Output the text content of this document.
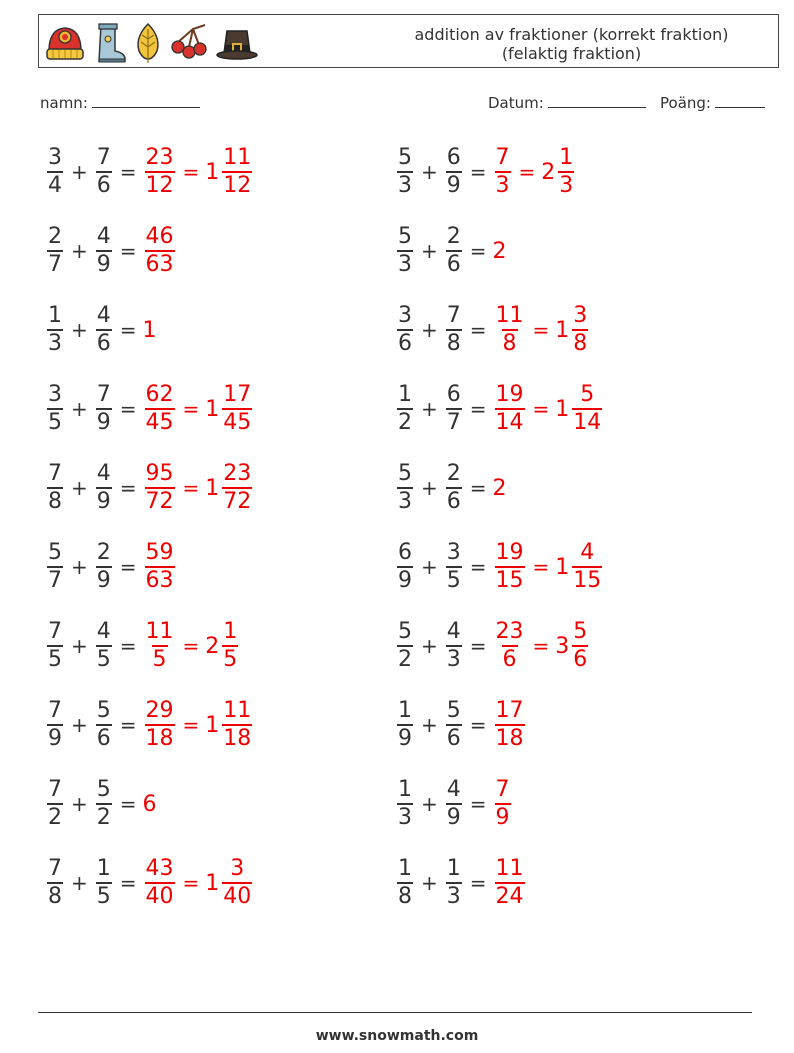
addition av fraktioner (korrekt fraktion)
(felaktig fraktion)
namn:	Datum:	Poäng:
$\frac{3}{4} + \frac{7}{6} = \frac{23}{12} = 1 \frac{11}{12}$	$\frac{5}{3} + \frac{6}{9} = \frac{7}{3} = 2 \frac{1}{3}$
$\frac{2}{7} + \frac{4}{9} = \frac{46}{63}$	$\frac{5}{3} + \frac{2}{6} = 2$
$\frac{1}{3} + \frac{4}{6} = 1$	$\frac{3}{6} + \frac{7}{8} = \frac{11}{8} = 1 \frac{3}{8}$
$\frac{3}{5} + \frac{7}{9} = \frac{62}{45} = 1 \frac{17}{45}$	$\frac{1}{2} + \frac{6}{7} = \frac{19}{14} = 1 \frac{5}{14}$
$\frac{7}{8} + \frac{4}{9} = \frac{95}{72} = 1 \frac{23}{72}$	$\frac{5}{3} + \frac{2}{6} = 2$
$\frac{5}{7} + \frac{2}{9} = \frac{59}{63}$	$\frac{6}{9} + \frac{3}{5} = \frac{19}{15} = 1 \frac{4}{15}$
$\frac{7}{5} + \frac{4}{5} = \frac{11}{5} = 2 \frac{1}{5}$	$\frac{5}{2} + \frac{4}{3} = \frac{23}{6} = 3 \frac{5}{6}$
$\frac{7}{9} + \frac{5}{6} = \frac{29}{18} = 1 \frac{11}{18}$	$\frac{1}{9} + \frac{5}{6} = \frac{17}{18}$
$\frac{7}{2} + \frac{5}{2} = 6$	$\frac{1}{3} + \frac{4}{9} = \frac{7}{9}$
$\frac{7}{8} + \frac{1}{5} = \frac{43}{40} = 1 \frac{3}{40}$	$\frac{1}{8} + \frac{1}{3} = \frac{11}{24}$
www.snowmath.com
